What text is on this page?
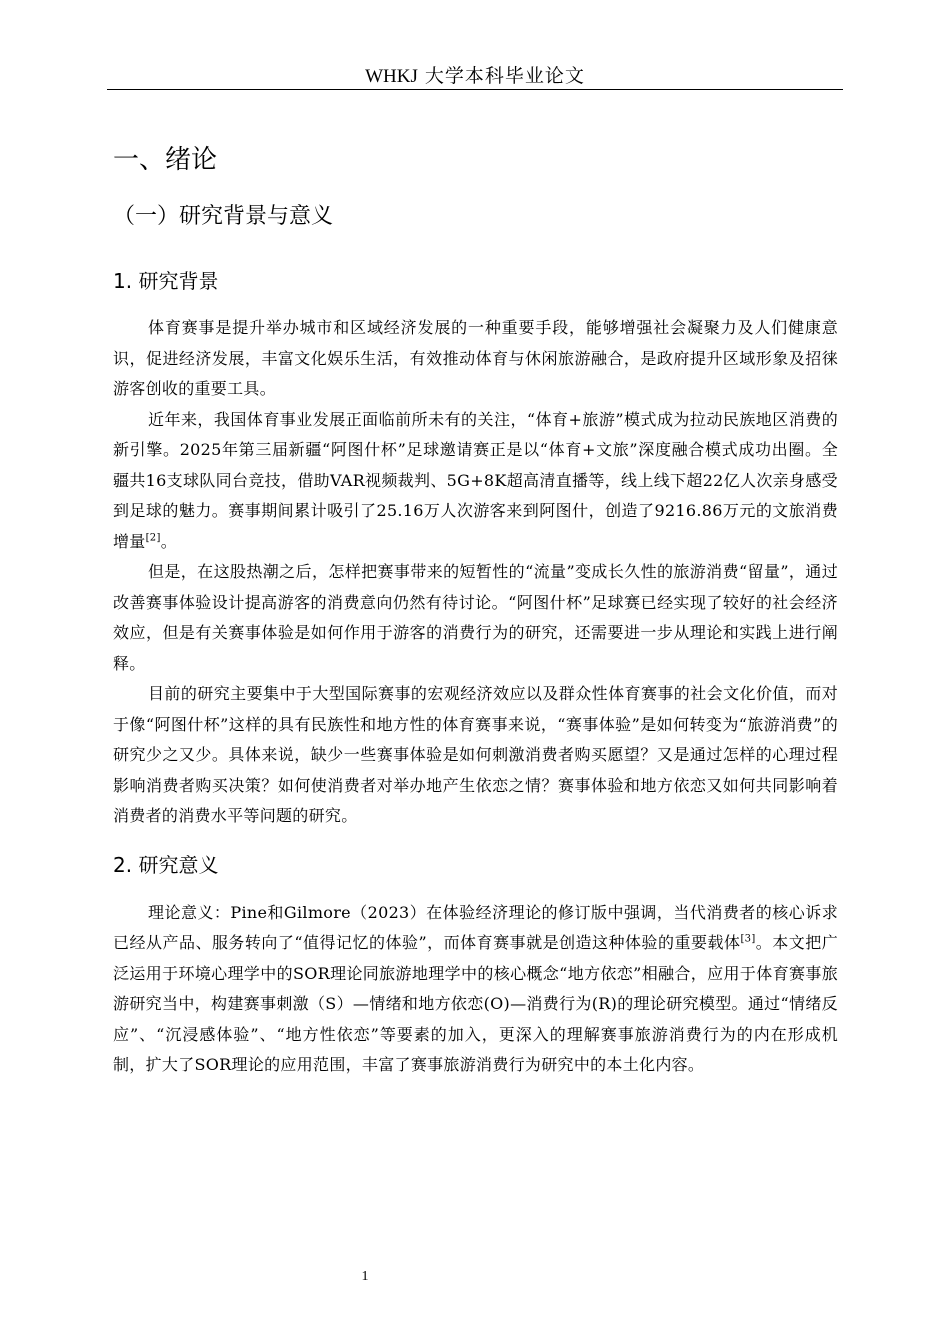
WHKJ 大学本科毕业论文
一、绪论
（一）研究背景与意义
1. 研究背景

体育赛事是提升举办城市和区域经济发展的一种重要手段，能够增强社会凝聚力及人们健康意识，促进经济发展，丰富文化娱乐生活，有效推动体育与休闲旅游融合，是政府提升区域形象及招徕游客创收的重要工具。

近年来，我国体育事业发展正面临前所未有的关注，“体育+旅游”模式成为拉动民族地区消费的新引擎。2025年第三届新疆“阿图什杯”足球邀请赛正是以“体育+文旅”深度融合模式成功出圈。全疆共16支球队同台竞技，借助VAR视频裁判、5G+8K超高清直播等，线上线下超22亿人次亲身感受到足球的魅力。赛事期间累计吸引了25.16万人次游客来到阿图什，创造了9216.86万元的文旅消费增量[2]。

但是，在这股热潮之后，怎样把赛事带来的短暂性的“流量”变成长久性的旅游消费“留量”，通过改善赛事体验设计提高游客的消费意向仍然有待讨论。“阿图什杯”足球赛已经实现了较好的社会经济效应，但是有关赛事体验是如何作用于游客的消费行为的研究，还需要进一步从理论和实践上进行阐释。

目前的研究主要集中于大型国际赛事的宏观经济效应以及群众性体育赛事的社会文化价值，而对于像“阿图什杯”这样的具有民族性和地方性的体育赛事来说，“赛事体验”是如何转变为“旅游消费”的研究少之又少。具体来说，缺少一些赛事体验是如何刺激消费者购买愿望？又是通过怎样的心理过程影响消费者购买决策？如何使消费者对举办地产生依恋之情？赛事体验和地方依恋又如何共同影响着消费者的消费水平等问题的研究。

2. 研究意义

理论意义：Pine和Gilmore（2023）在体验经济理论的修订版中强调，当代消费者的核心诉求已经从产品、服务转向了“值得记忆的体验”，而体育赛事就是创造这种体验的重要载体[3]。本文把广泛运用于环境心理学中的SOR理论同旅游地理学中的核心概念“地方依恋”相融合，应用于体育赛事旅游研究当中，构建赛事刺激（S）—情绪和地方依恋(O)—消费行为(R)的理论研究模型。通过“情绪反应”、“沉浸感体验”、“地方性依恋”等要素的加入，更深入的理解赛事旅游消费行为的内在形成机制，扩大了SOR理论的应用范围，丰富了赛事旅游消费行为研究中的本土化内容。

1
